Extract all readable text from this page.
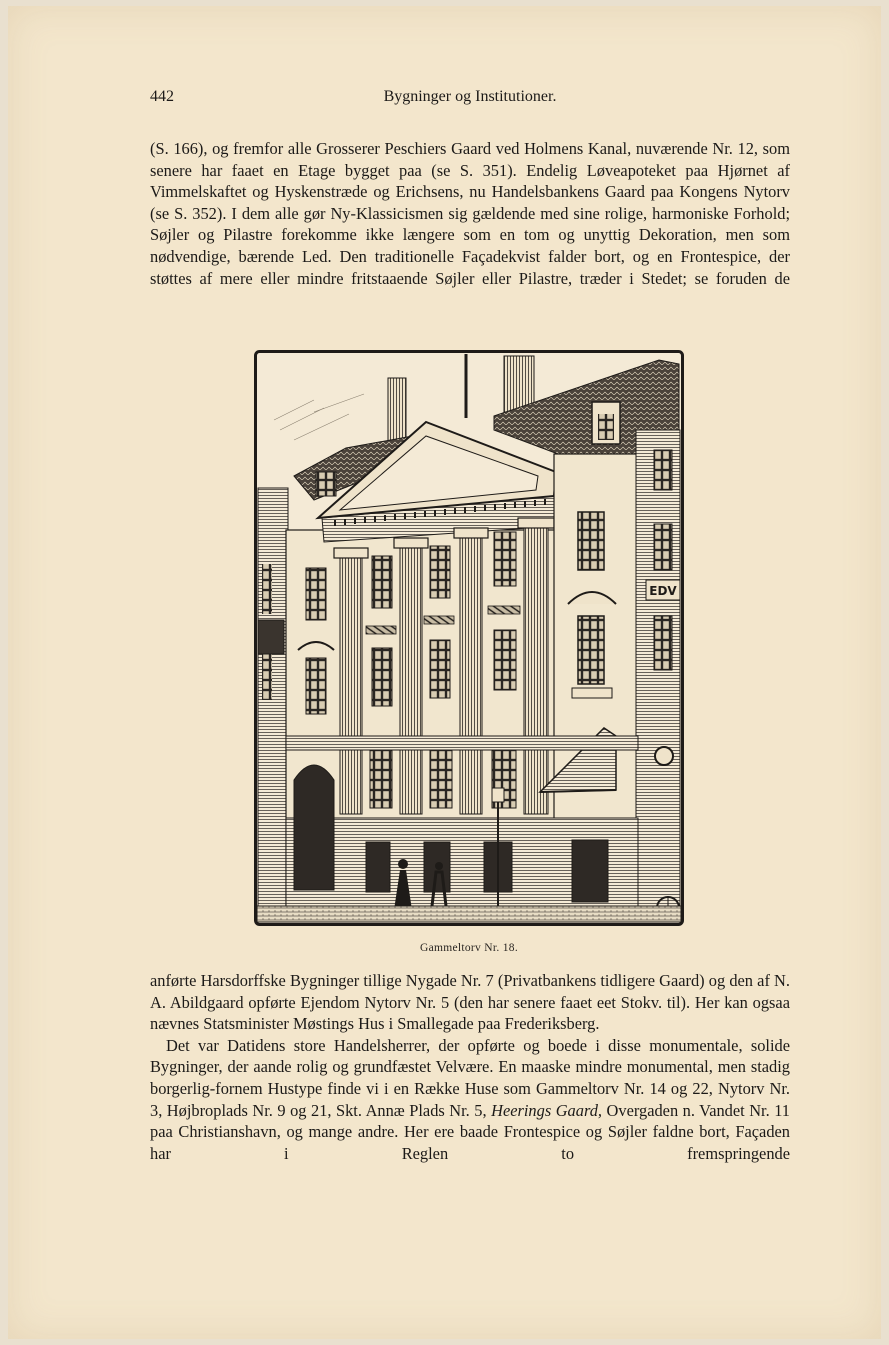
442	Bygninger og Institutioner.

(S. 166), og fremfor alle Grosserer Peschiers Gaard ved Holmens Kanal, nuværende Nr. 12, som senere har faaet en Etage bygget paa (se S. 351). Endelig Løveapoteket paa Hjørnet af Vimmelskaftet og Hyskenstræde og Erichsens, nu Handelsbankens Gaard paa Kongens Nytorv (se S. 352). I dem alle gør Ny-Klassicismen sig gældende med sine rolige, harmoniske Forhold; Søjler og Pilastre forekomme ikke længere som en tom og unyttig Dekoration, men som nødvendige, bærende Led. Den traditionelle Façadekvist falder bort, og en Frontespice, der støttes af mere eller mindre fritstaaende Søjler eller Pilastre, træder i Stedet; se foruden de

EDV
Gammeltorv Nr. 18.

anførte Harsdorffske Bygninger tillige Nygade Nr. 7 (Privatbankens tidligere Gaard) og den af N. A. Abildgaard opførte Ejendom Nytorv Nr. 5 (den har senere faaet eet Stokv. til). Her kan ogsaa nævnes Statsminister Møstings Hus i Smallegade paa Frederiksberg.

Det var Datidens store Handelsherrer, der opførte og boede i disse monumentale, solide Bygninger, der aande rolig og grundfæstet Velvære. En maaske mindre monumental, men stadig borgerlig-fornem Hustype finde vi i en Række Huse som Gammeltorv Nr. 14 og 22, Nytorv Nr. 3, Højbroplads Nr. 9 og 21, Skt. Annæ Plads Nr. 5, Heerings Gaard, Overgaden n. Vandet Nr. 11 paa Christianshavn, og mange andre. Her ere baade Frontespice og Søjler faldne bort, Façaden har i Reglen to fremspringende
